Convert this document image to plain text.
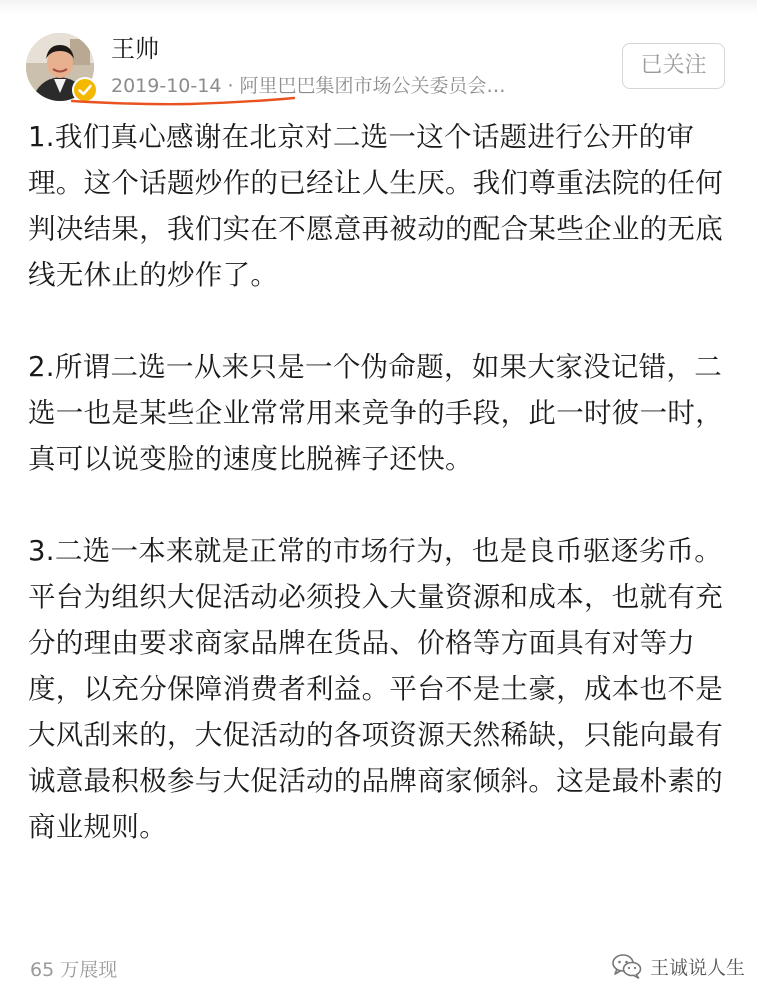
王帅
2019-10-14 · 阿里巴巴集团市场公关委员会…
已关注

1.我们真心感谢在北京对二选一这个话题进行公开的审理。这个话题炒作的已经让人生厌。我们尊重法院的任何判决结果，我们实在不愿意再被动的配合某些企业的无底线无休止的炒作了。

2.所谓二选一从来只是一个伪命题，如果大家没记错，二选一也是某些企业常常用来竞争的手段，此一时彼一时，真可以说变脸的速度比脱裤子还快。

3.二选一本来就是正常的市场行为，也是良币驱逐劣币。平台为组织大促活动必须投入大量资源和成本，也就有充分的理由要求商家品牌在货品、价格等方面具有对等力度，以充分保障消费者利益。平台不是土豪，成本也不是大风刮来的，大促活动的各项资源天然稀缺，只能向最有诚意最积极参与大促活动的品牌商家倾斜。这是最朴素的商业规则。

65 万展现	王诚说人生
